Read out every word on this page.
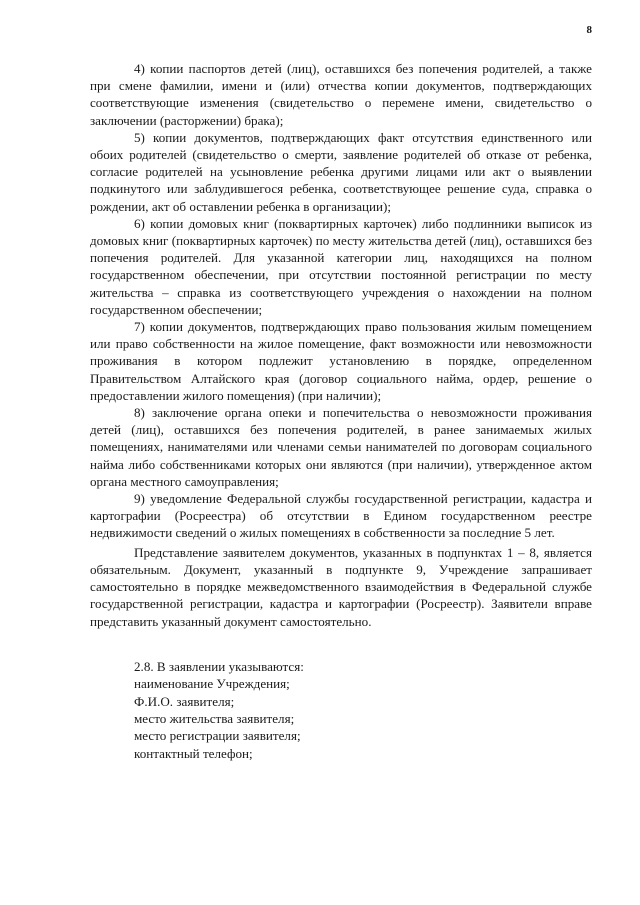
8

4) копии паспортов детей (лиц), оставшихся без попечения родителей, а также при смене фамилии, имени и (или) отчества копии документов, подтверждающих соответствующие изменения (свидетельство о перемене имени, свидетельство о заключении (расторжении) брака);

5) копии документов, подтверждающих факт отсутствия единственного или обоих родителей (свидетельство о смерти, заявление родителей об отказе от ребенка, согласие родителей на усыновление ребенка другими лицами или акт о выявлении подкинутого или заблудившегося ребенка, соответствующее решение суда, справка о рождении, акт об оставлении ребенка в организации);

6) копии домовых книг (поквартирных карточек) либо подлинники выписок из домовых книг (поквартирных карточек) по месту жительства детей (лиц), оставшихся без попечения родителей. Для указанной категории лиц, находящихся на полном государственном обеспечении, при отсутствии постоянной регистрации по месту жительства – справка из соответствующего учреждения о нахождении на полном государственном обеспечении;

7) копии документов, подтверждающих право пользования жилым помещением или право собственности на жилое помещение, факт возможности или невозможности проживания в котором подлежит установлению в порядке, определенном Правительством Алтайского края (договор социального найма, ордер, решение о предоставлении жилого помещения) (при наличии);

8) заключение органа опеки и попечительства о невозможности проживания детей (лиц), оставшихся без попечения родителей, в ранее занимаемых жилых помещениях, нанимателями или членами семьи нанимателей по договорам социального найма либо собственниками которых они являются (при наличии), утвержденное актом органа местного самоуправления;

9) уведомление Федеральной службы государственной регистрации, кадастра и картографии (Росреестра) об отсутствии в Едином государственном реестре недвижимости сведений о жилых помещениях в собственности за последние 5 лет.

Представление заявителем документов, указанных в подпунктах 1 – 8, является обязательным. Документ, указанный в подпункте 9, Учреждение запрашивает самостоятельно в порядке межведомственного взаимодействия в Федеральной службе государственной регистрации, кадастра и картографии (Росреестр). Заявители вправе представить указанный документ самостоятельно.

2.8. В заявлении указываются:

наименование Учреждения;

Ф.И.О. заявителя;

место жительства заявителя;

место регистрации заявителя;

контактный телефон;
